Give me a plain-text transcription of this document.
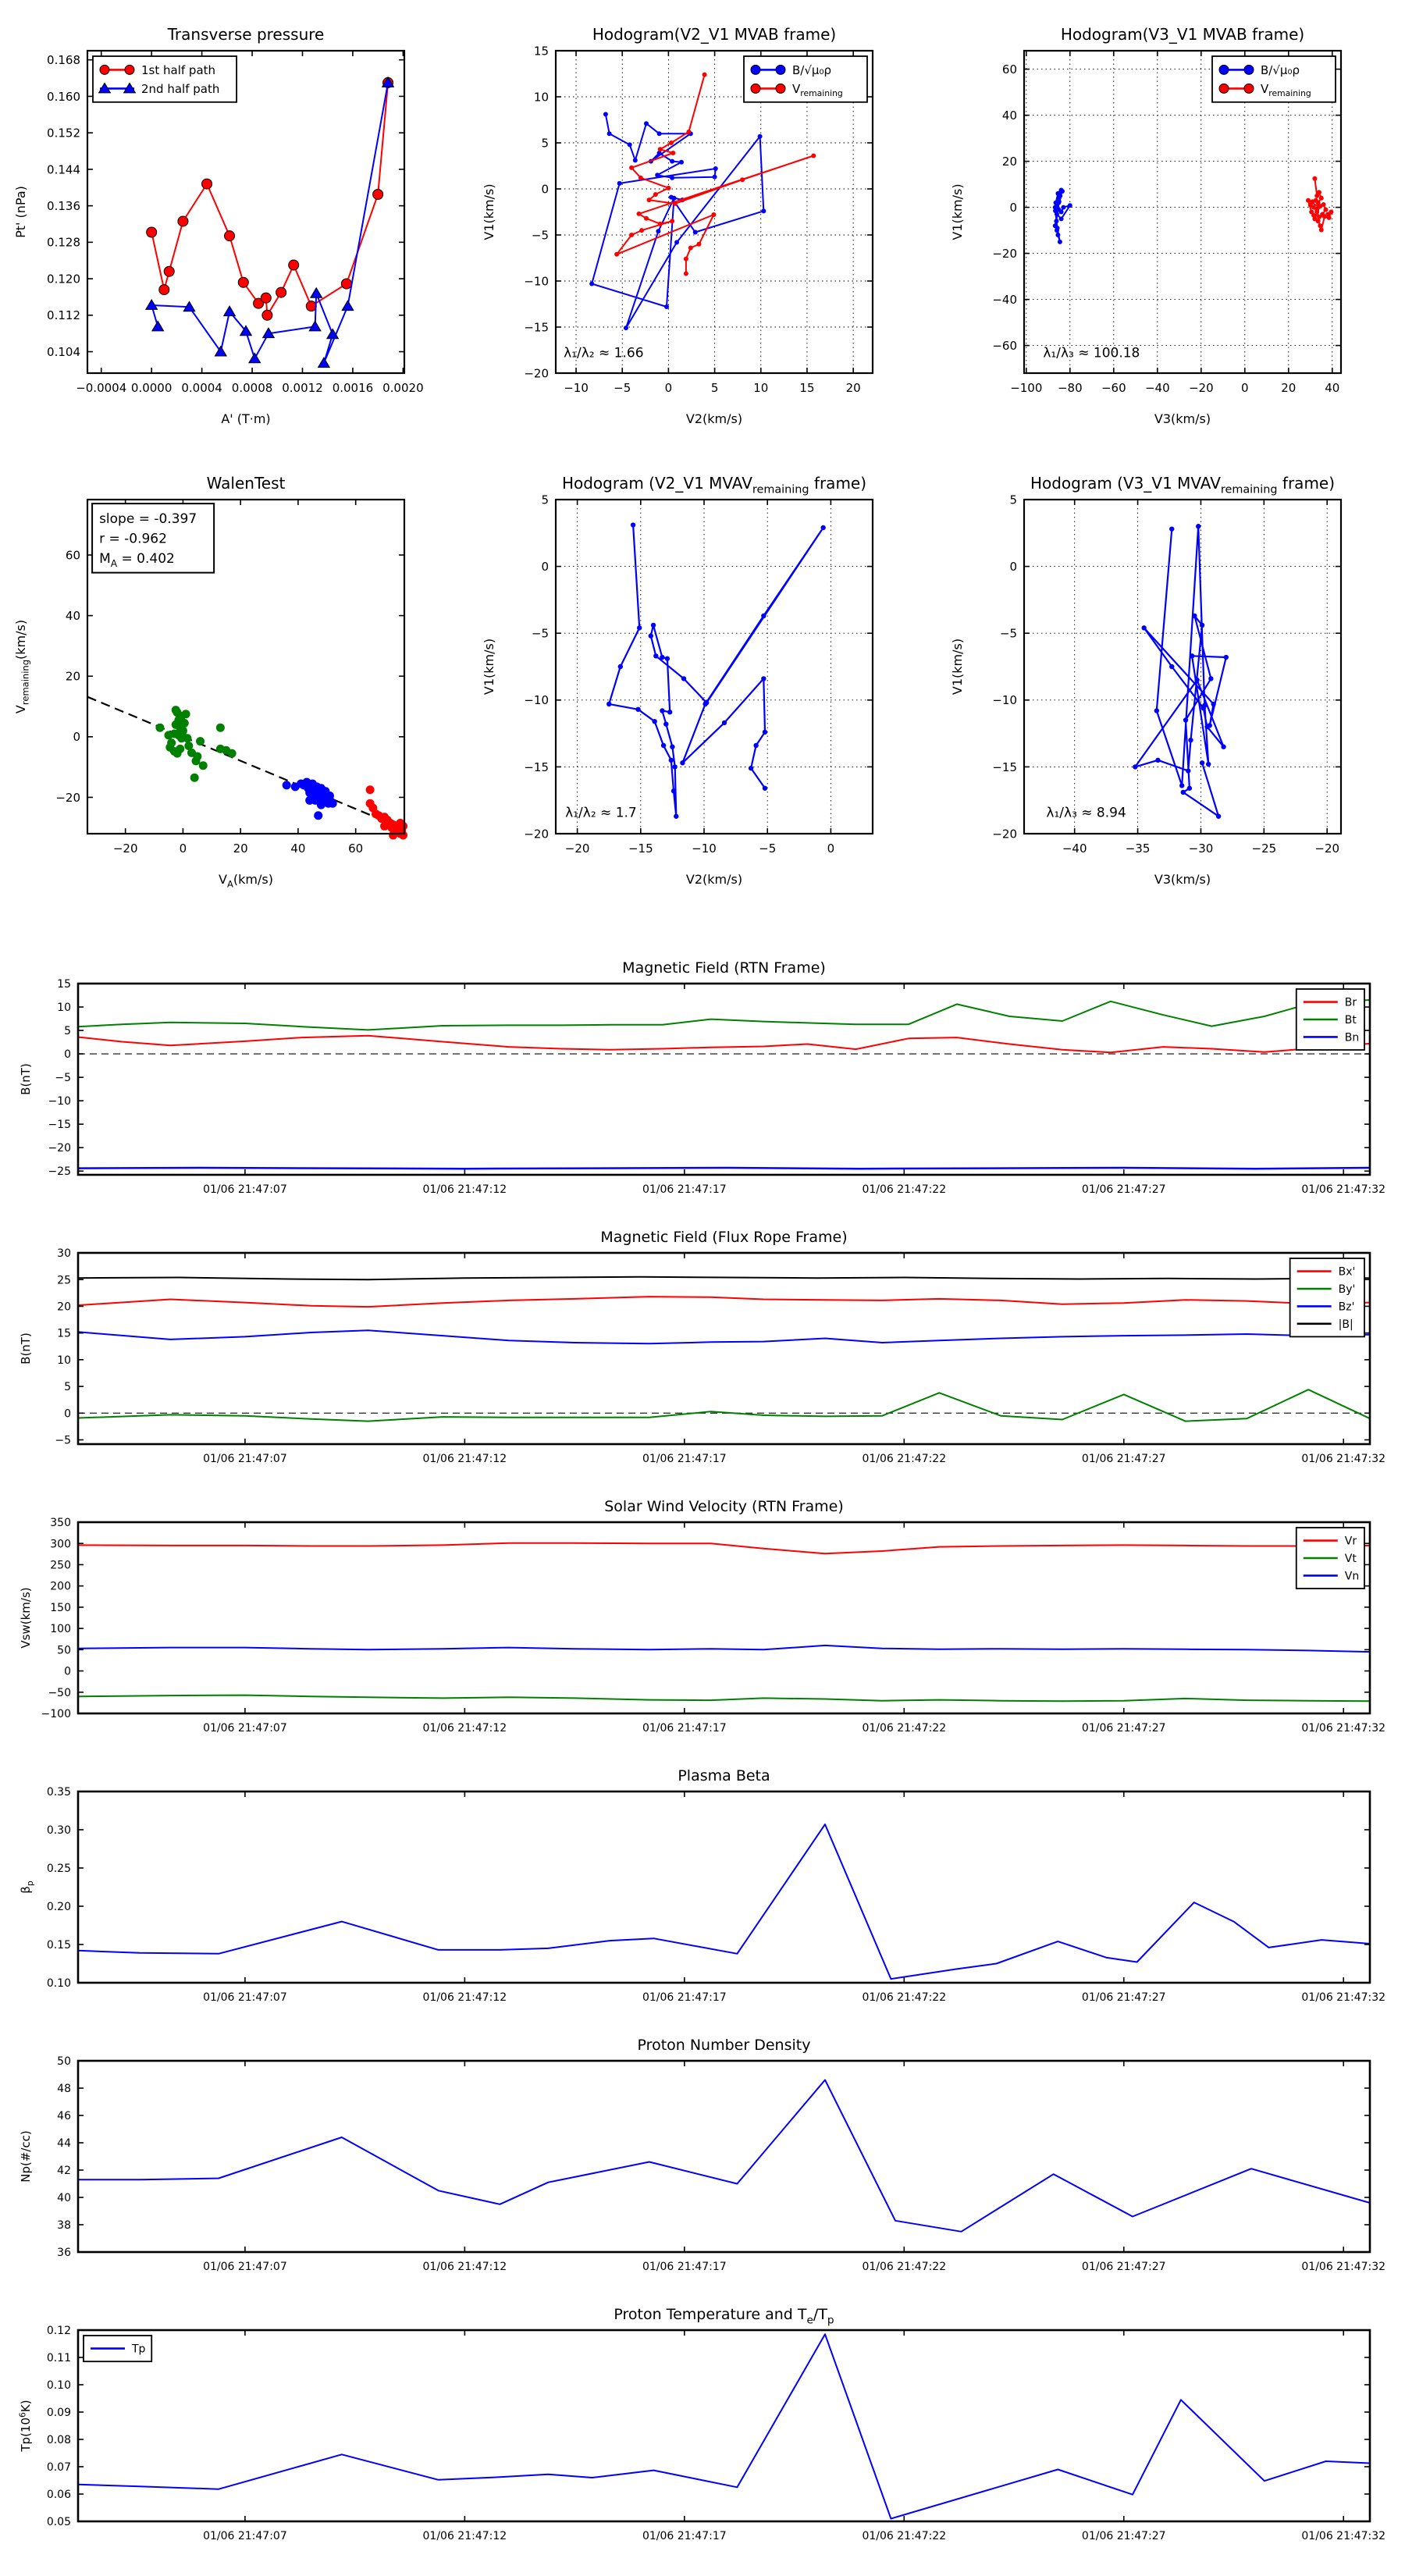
−0.0004 0.0000 0.0004 0.0008 0.0012 0.0016 0.0020
0.104
0.112
0.120
0.128
0.136
0.144
0.152
0.160
0.168
Transverse pressure
A' (T·m)
Pt' (nPa)
1st half path
2nd half path
−10 −5	0	5	10	15	20
−20
−15
−10
−5
0
5
10
15
Hodogram(V2_V1 MVAB frame)
V2(km/s)
V1(km/s)
B/√μ₀ρ
$V_{remaining}$
λ₁/λ₂ ≈ 1.66
−100 −80 −60 −40 −20 0	20 40
−60
−40
−20
0
20
40
60
Hodogram(V3_V1 MVAB frame)
V3(km/s)
V1(km/s)
B/√μ₀ρ
$V_{remaining}$
λ₁/λ₃ ≈ 100.18
−20	0	20	40	60
−20
0
20
40
60
WalenTest
$V_A(km/s)$
$V_{remaining}(km/s)$
slope = -0.397
r = -0.962
$M_A = 0.402$
−20	−15	−10	−5	0
−20
−15
−10
−5
0
5
Hodogram (V2_V1 $MVAV_{remaining}$ frame)
V2(km/s)
V1(km/s)
λ₁/λ₂ ≈ 1.7
−40	−35	−30	−25	−20
−20
−15
−10
−5
0
5
Hodogram (V3_V1 $MVAV_{remaining}$ frame)
V3(km/s)
V1(km/s)
λ₁/λ₃ ≈ 8.94
01/06 21:47:07	01/06 21:47:12	01/06 21:47:17	01/06 21:47:22	01/06 21:47:27	01/06 21:47:32
−25
−20
−15
−10
−5
0
5
10
15
Magnetic Field (RTN Frame)
B(nT)
Br
Bt
Bn
01/06 21:47:07	01/06 21:47:12	01/06 21:47:17	01/06 21:47:22	01/06 21:47:27	01/06 21:47:32
−5
0
5
10
15
20
25
30
Magnetic Field (Flux Rope Frame)
B(nT)
Bx'
By'
Bz'
|B|
01/06 21:47:07	01/06 21:47:12	01/06 21:47:17	01/06 21:47:22	01/06 21:47:27	01/06 21:47:32
−100
−50
0
50
100
150
200
250
300
350
Solar Wind Velocity (RTN Frame)
Vsw(km/s)
Vr
Vt
Vn
01/06 21:47:07	01/06 21:47:12	01/06 21:47:17	01/06 21:47:22	01/06 21:47:27	01/06 21:47:32
0.10
0.15
0.20
0.25
0.30
0.35
Plasma Beta
$\beta_p$
01/06 21:47:07	01/06 21:47:12	01/06 21:47:17	01/06 21:47:22	01/06 21:47:27	01/06 21:47:32
36
38
40
42
44
46
48
50
Proton Number Density
Np(#/cc)
01/06 21:47:07	01/06 21:47:12	01/06 21:47:17	01/06 21:47:22	01/06 21:47:27	01/06 21:47:32
0.05
0.06
0.07
0.08
0.09
0.10
0.11
0.12
Proton Temperature and $T_e/T_p$
$Tp(10^6K)$
Tp
